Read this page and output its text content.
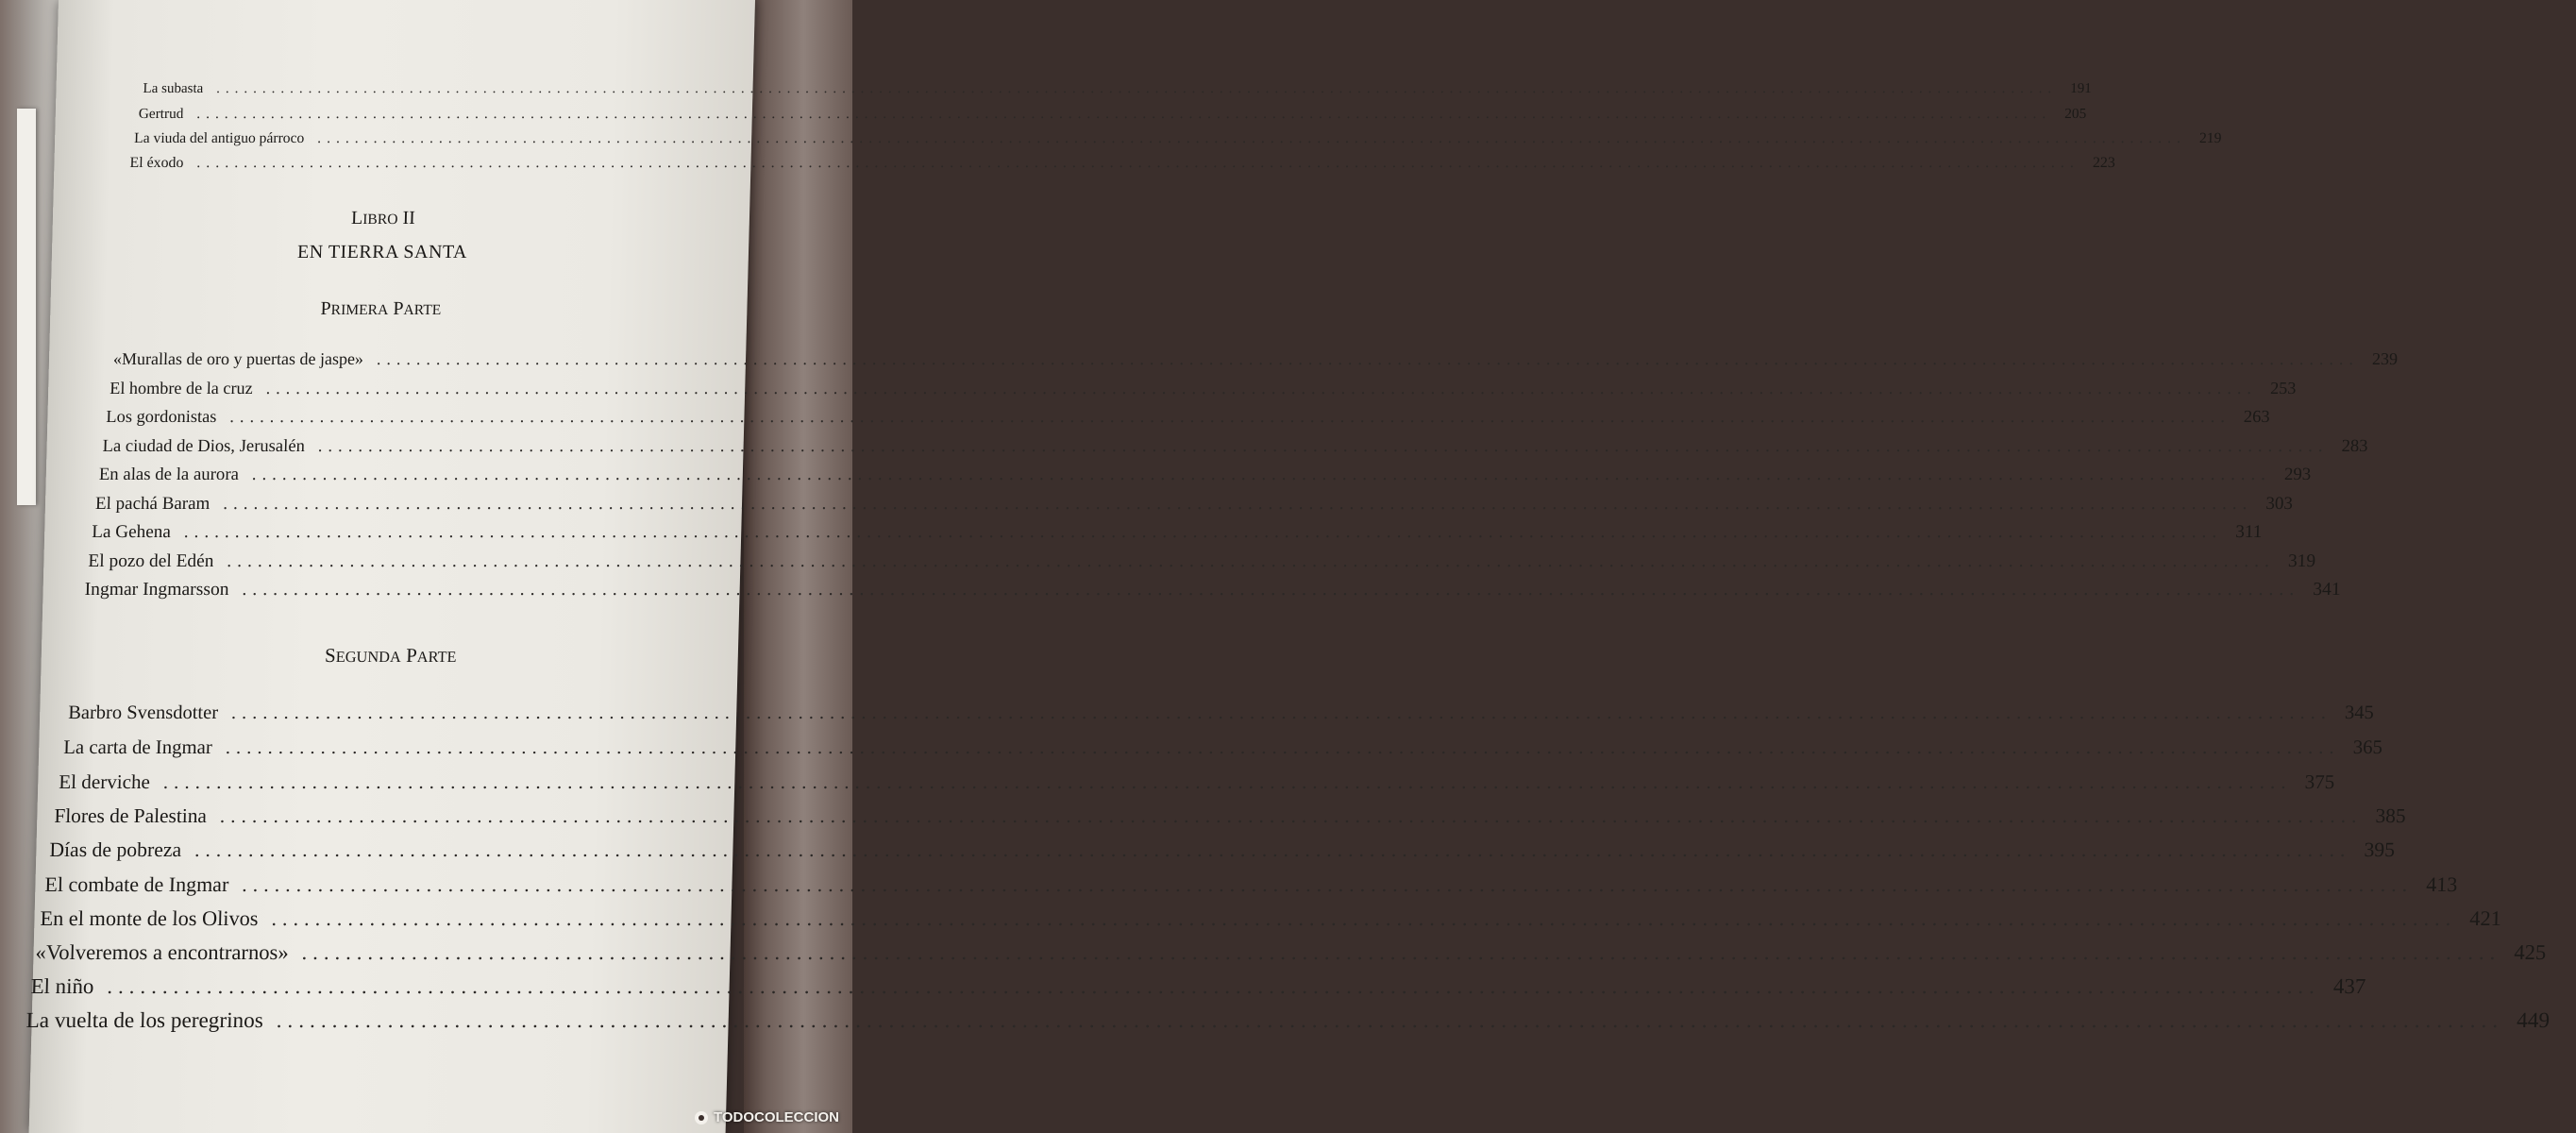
La subasta ........................................................................................................................................................................................................ 191
Gertrud ........................................................................................................................................................................................................ 205
La viuda del antiguo párroco ........................................................................................................................................................................................................ 219
El éxodo ........................................................................................................................................................................................................ 223
LIBRO II
EN TIERRA SANTA
PRIMERA PARTE
«Murallas de oro y puertas de jaspe» ........................................................................................................................................................................................................ 239
El hombre de la cruz ........................................................................................................................................................................................................ 253
Los gordonistas ........................................................................................................................................................................................................ 263
La ciudad de Dios, Jerusalén ........................................................................................................................................................................................................ 283
En alas de la aurora ........................................................................................................................................................................................................ 293
El pachá Baram ........................................................................................................................................................................................................ 303
La Gehena ........................................................................................................................................................................................................ 311
El pozo del Edén ........................................................................................................................................................................................................ 319
Ingmar Ingmarsson ........................................................................................................................................................................................................ 341
SEGUNDA PARTE
Barbro Svensdotter ........................................................................................................................................................................................................ 345
La carta de Ingmar ........................................................................................................................................................................................................ 365
El derviche ........................................................................................................................................................................................................ 375
Flores de Palestina ........................................................................................................................................................................................................ 385
Días de pobreza ........................................................................................................................................................................................................ 395
El combate de Ingmar ........................................................................................................................................................................................................ 413
En el monte de los Olivos ........................................................................................................................................................................................................ 421
«Volveremos a encontrarnos» ........................................................................................................................................................................................................ 425
El niño ........................................................................................................................................................................................................ 437
La vuelta de los peregrinos ........................................................................................................................................................................................................ 449
TODOCOLECCION
